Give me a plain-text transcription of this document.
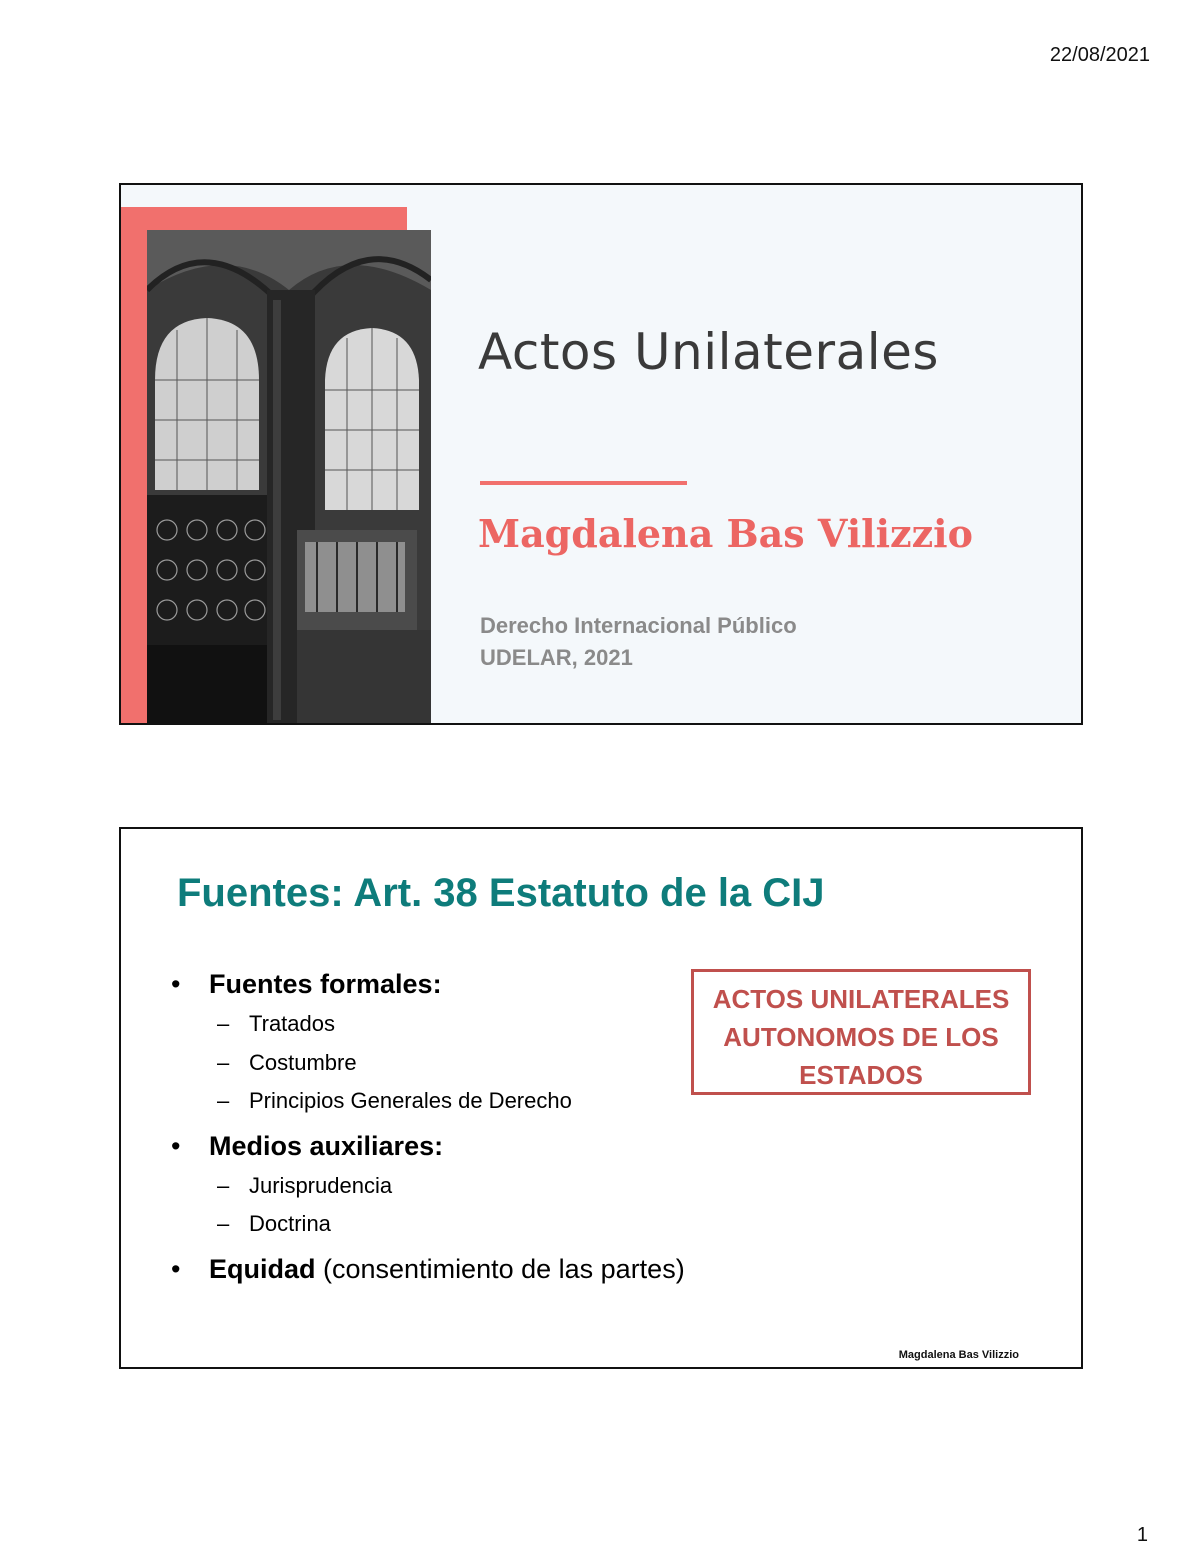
22/08/2021
Actos Unilaterales
Magdalena Bas Vilizzio
Derecho Internacional Público
UDELAR, 2021
Fuentes: Art. 38 Estatuto de la CIJ
• Fuentes formales:
– Tratados
– Costumbre
– Principios Generales de Derecho
• Medios auxiliares:
– Jurisprudencia
– Doctrina
• Equidad (consentimiento de las partes)
ACTOS UNILATERALES
AUTONOMOS DE LOS
ESTADOS
Magdalena Bas Vilizzio
1
